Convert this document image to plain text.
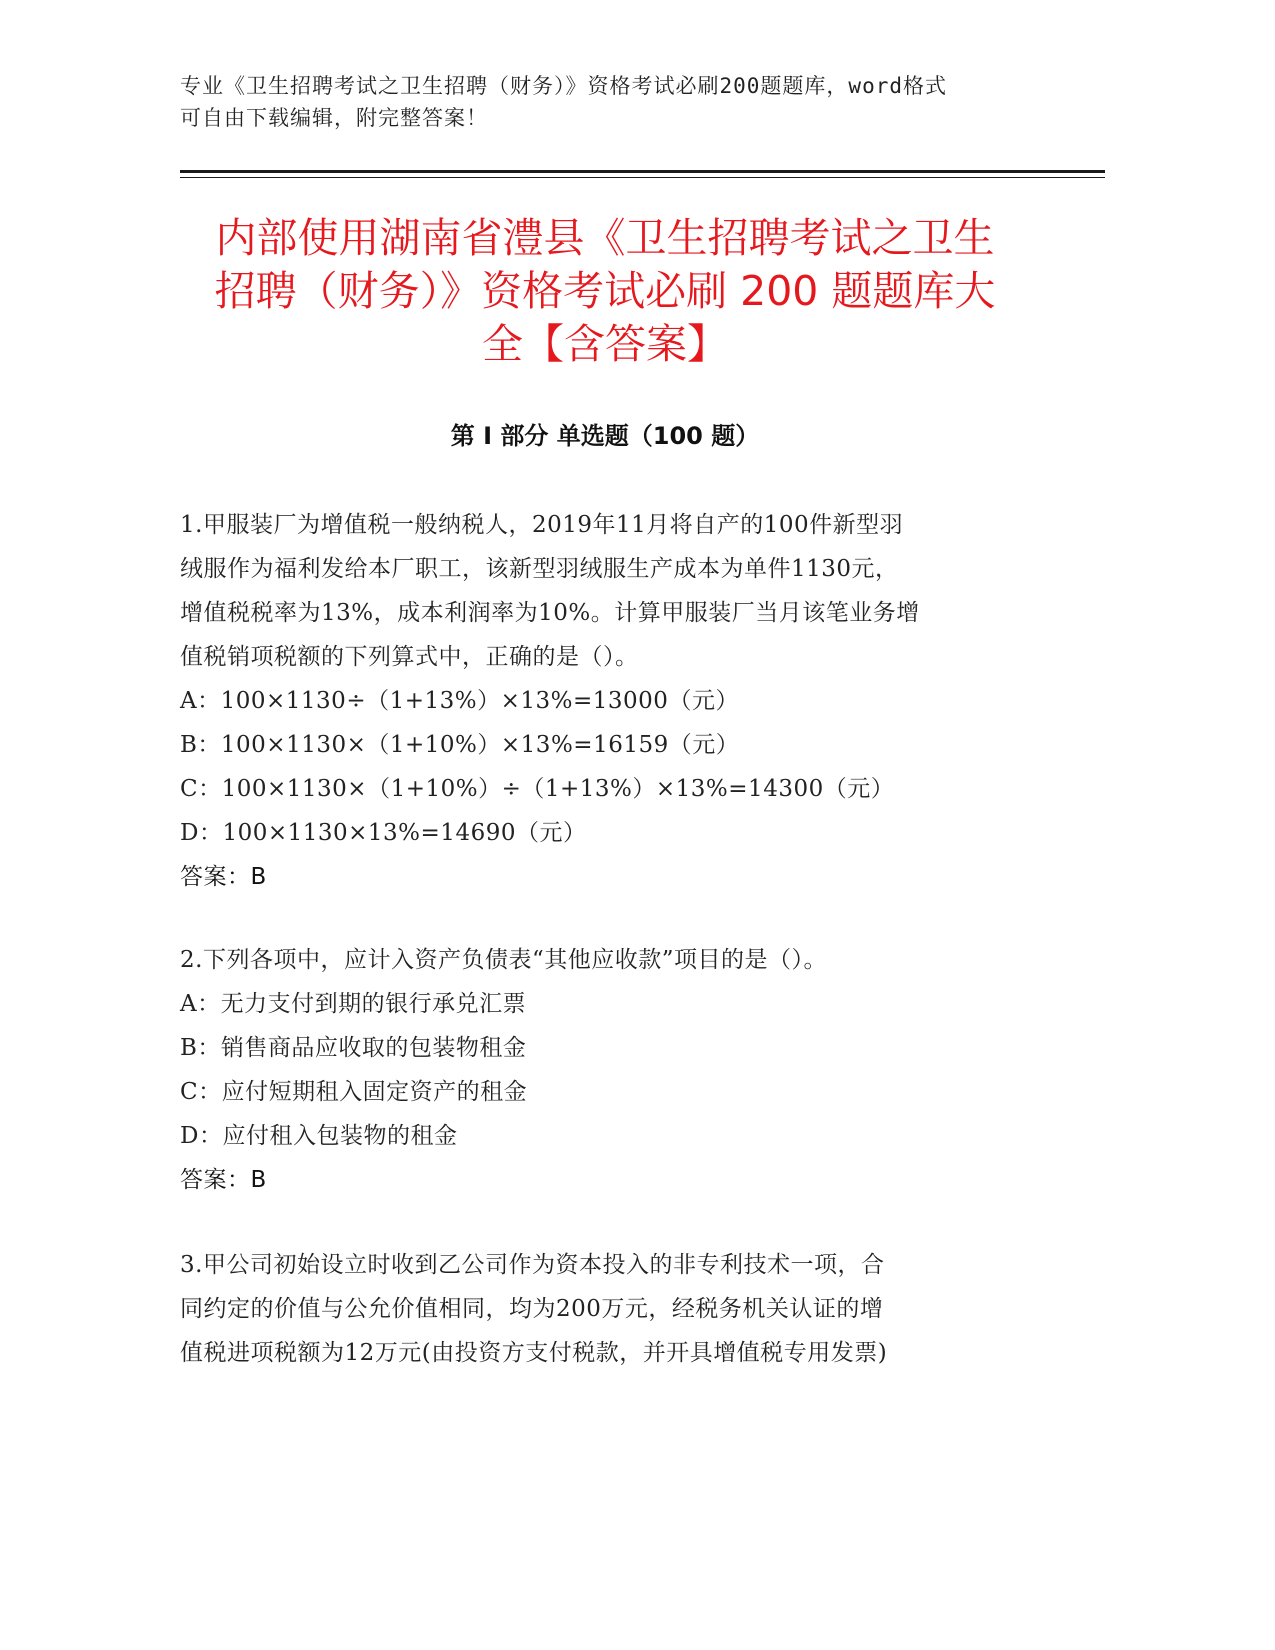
专业《卫生招聘考试之卫生招聘（财务）》资格考试必刷200题题库，word格式
可自由下载编辑，附完整答案！
内部使用湖南省澧县《卫生招聘考试之卫生
招聘（财务）》资格考试必刷 200 题题库大
全【含答案】
第 I 部分 单选题（100 题）
1.甲服装厂为增值税一般纳税人，2019年11月将自产的100件新型羽
绒服作为福利发给本厂职工，该新型羽绒服生产成本为单件1130元，
增值税税率为13%，成本利润率为10%。计算甲服装厂当月该笔业务增
值税销项税额的下列算式中，正确的是（）。
A：100×1130÷（1+13%）×13%=13000（元）
B：100×1130×（1+10%）×13%=16159（元）
C：100×1130×（1+10%）÷（1+13%）×13%=14300（元）
D：100×1130×13%=14690（元）
答案：B
2.下列各项中，应计入资产负债表“其他应收款”项目的是（）。
A：无力支付到期的银行承兑汇票
B：销售商品应收取的包装物租金
C：应付短期租入固定资产的租金
D：应付租入包装物的租金
答案：B
3.甲公司初始设立时收到乙公司作为资本投入的非专利技术一项，合
同约定的价值与公允价值相同，均为200万元，经税务机关认证的增
值税进项税额为12万元(由投资方支付税款，并开具增值税专用发票)
